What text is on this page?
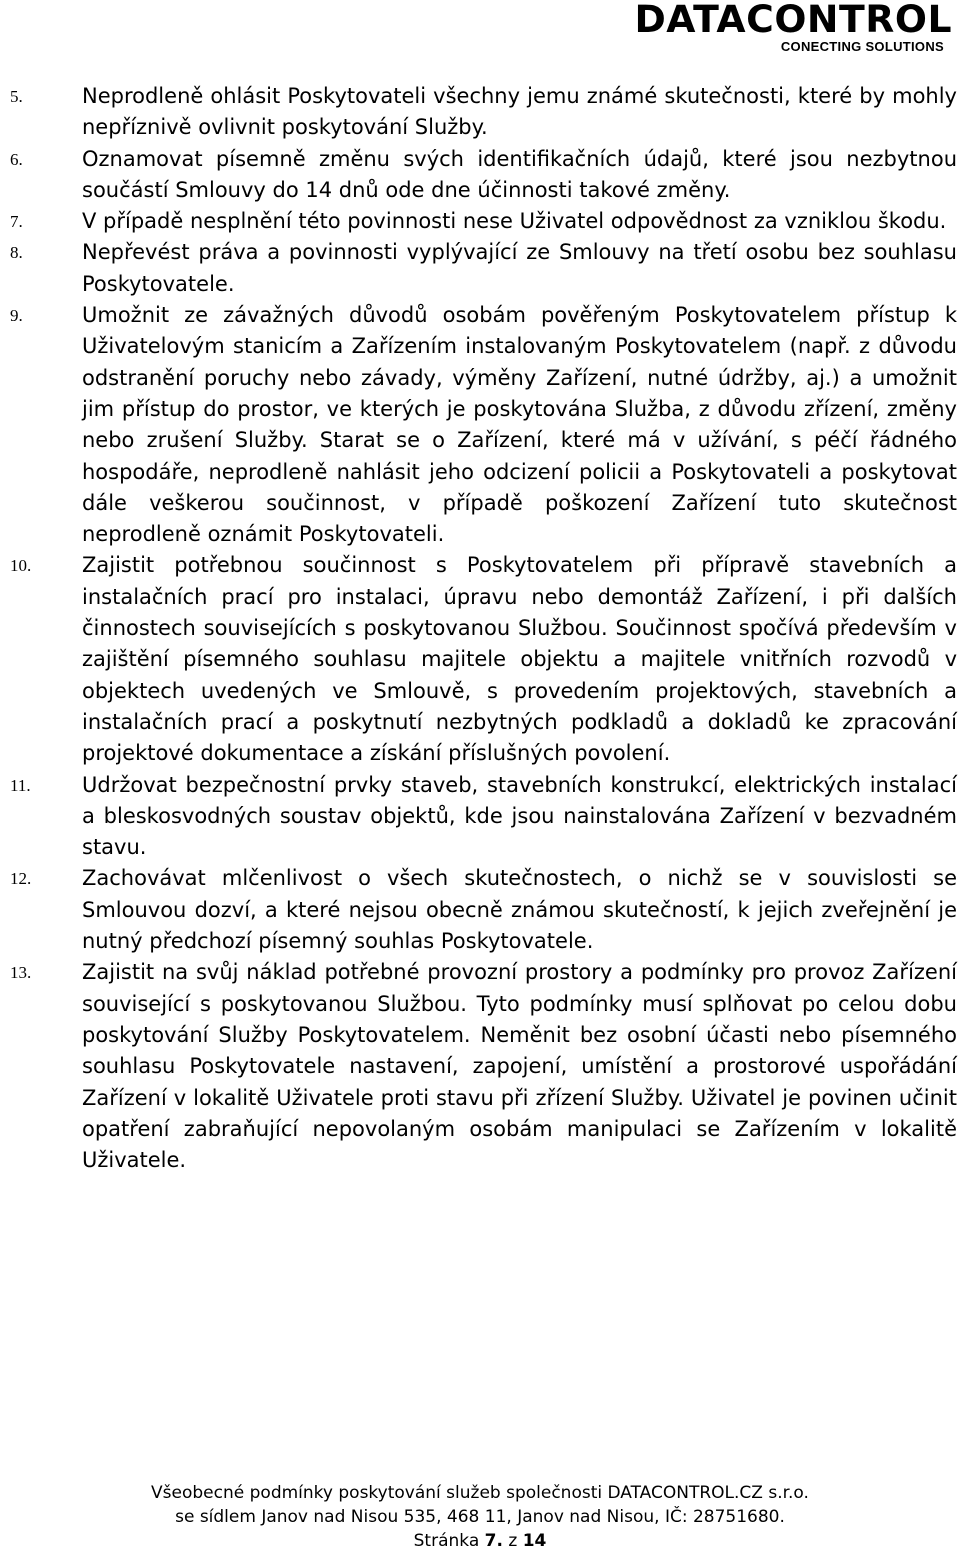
DATACONTROL
CONECTING SOLUTIONS
5.	Neprodleně ohlásit Poskytovateli všechny jemu známé skutečnosti, které by mohly nepříznivě ovlivnit poskytování Služby.
6.	Oznamovat písemně změnu svých identifikačních údajů, které jsou nezbytnou součástí Smlouvy do 14 dnů ode dne účinnosti takové změny.
7.	V případě nesplnění této povinnosti nese Uživatel odpovědnost za vzniklou škodu.
8.	Nepřevést práva a povinnosti vyplývající ze Smlouvy na třetí osobu bez souhlasu Poskytovatele.
9.	Umožnit ze závažných důvodů osobám pověřeným Poskytovatelem přístup k Uživatelovým stanicím a Zařízením instalovaným Poskytovatelem (např. z důvodu odstranění poruchy nebo závady, výměny Zařízení, nutné údržby, aj.) a umožnit jim přístup do prostor, ve kterých je poskytována Služba, z důvodu zřízení, změny nebo zrušení Služby. Starat se o Zařízení, které má v užívání, s péčí řádného hospodáře, neprodleně nahlásit jeho odcizení policii a Poskytovateli a poskytovat dále veškerou součinnost, v případě poškození Zařízení tuto skutečnost neprodleně oznámit Poskytovateli.
10. Zajistit potřebnou součinnost s Poskytovatelem při přípravě stavebních a instalačních prací pro instalaci, úpravu nebo demontáž Zařízení, i při dalších činnostech souvisejících s poskytovanou Službou. Součinnost spočívá především v zajištění písemného souhlasu majitele objektu a majitele vnitřních rozvodů v objektech uvedených ve Smlouvě, s provedením projektových, stavebních a instalačních prací a poskytnutí nezbytných podkladů a dokladů ke zpracování projektové dokumentace a získání příslušných povolení.
11. Udržovat bezpečnostní prvky staveb, stavebních konstrukcí, elektrických instalací a bleskosvodných soustav objektů, kde jsou nainstalována Zařízení v bezvadném stavu.
12. Zachovávat mlčenlivost o všech skutečnostech, o nichž se v souvislosti se Smlouvou dozví, a které nejsou obecně známou skutečností, k jejich zveřejnění je nutný předchozí písemný souhlas Poskytovatele.
13. Zajistit na svůj náklad potřebné provozní prostory a podmínky pro provoz Zařízení související s poskytovanou Službou. Tyto podmínky musí splňovat po celou dobu poskytování Služby Poskytovatelem. Neměnit bez osobní účasti nebo písemného souhlasu Poskytovatele nastavení, zapojení, umístění a prostorové uspořádání Zařízení v lokalitě Uživatele proti stavu při zřízení Služby. Uživatel je povinen učinit opatření zabraňující nepovolaným osobám manipulaci se Zařízením v lokalitě Uživatele.
Všeobecné podmínky poskytování služeb společnosti DATACONTROL.CZ s.r.o.
se sídlem Janov nad Nisou 535, 468 11, Janov nad Nisou, IČ: 28751680.
Stránka 7. z 14
